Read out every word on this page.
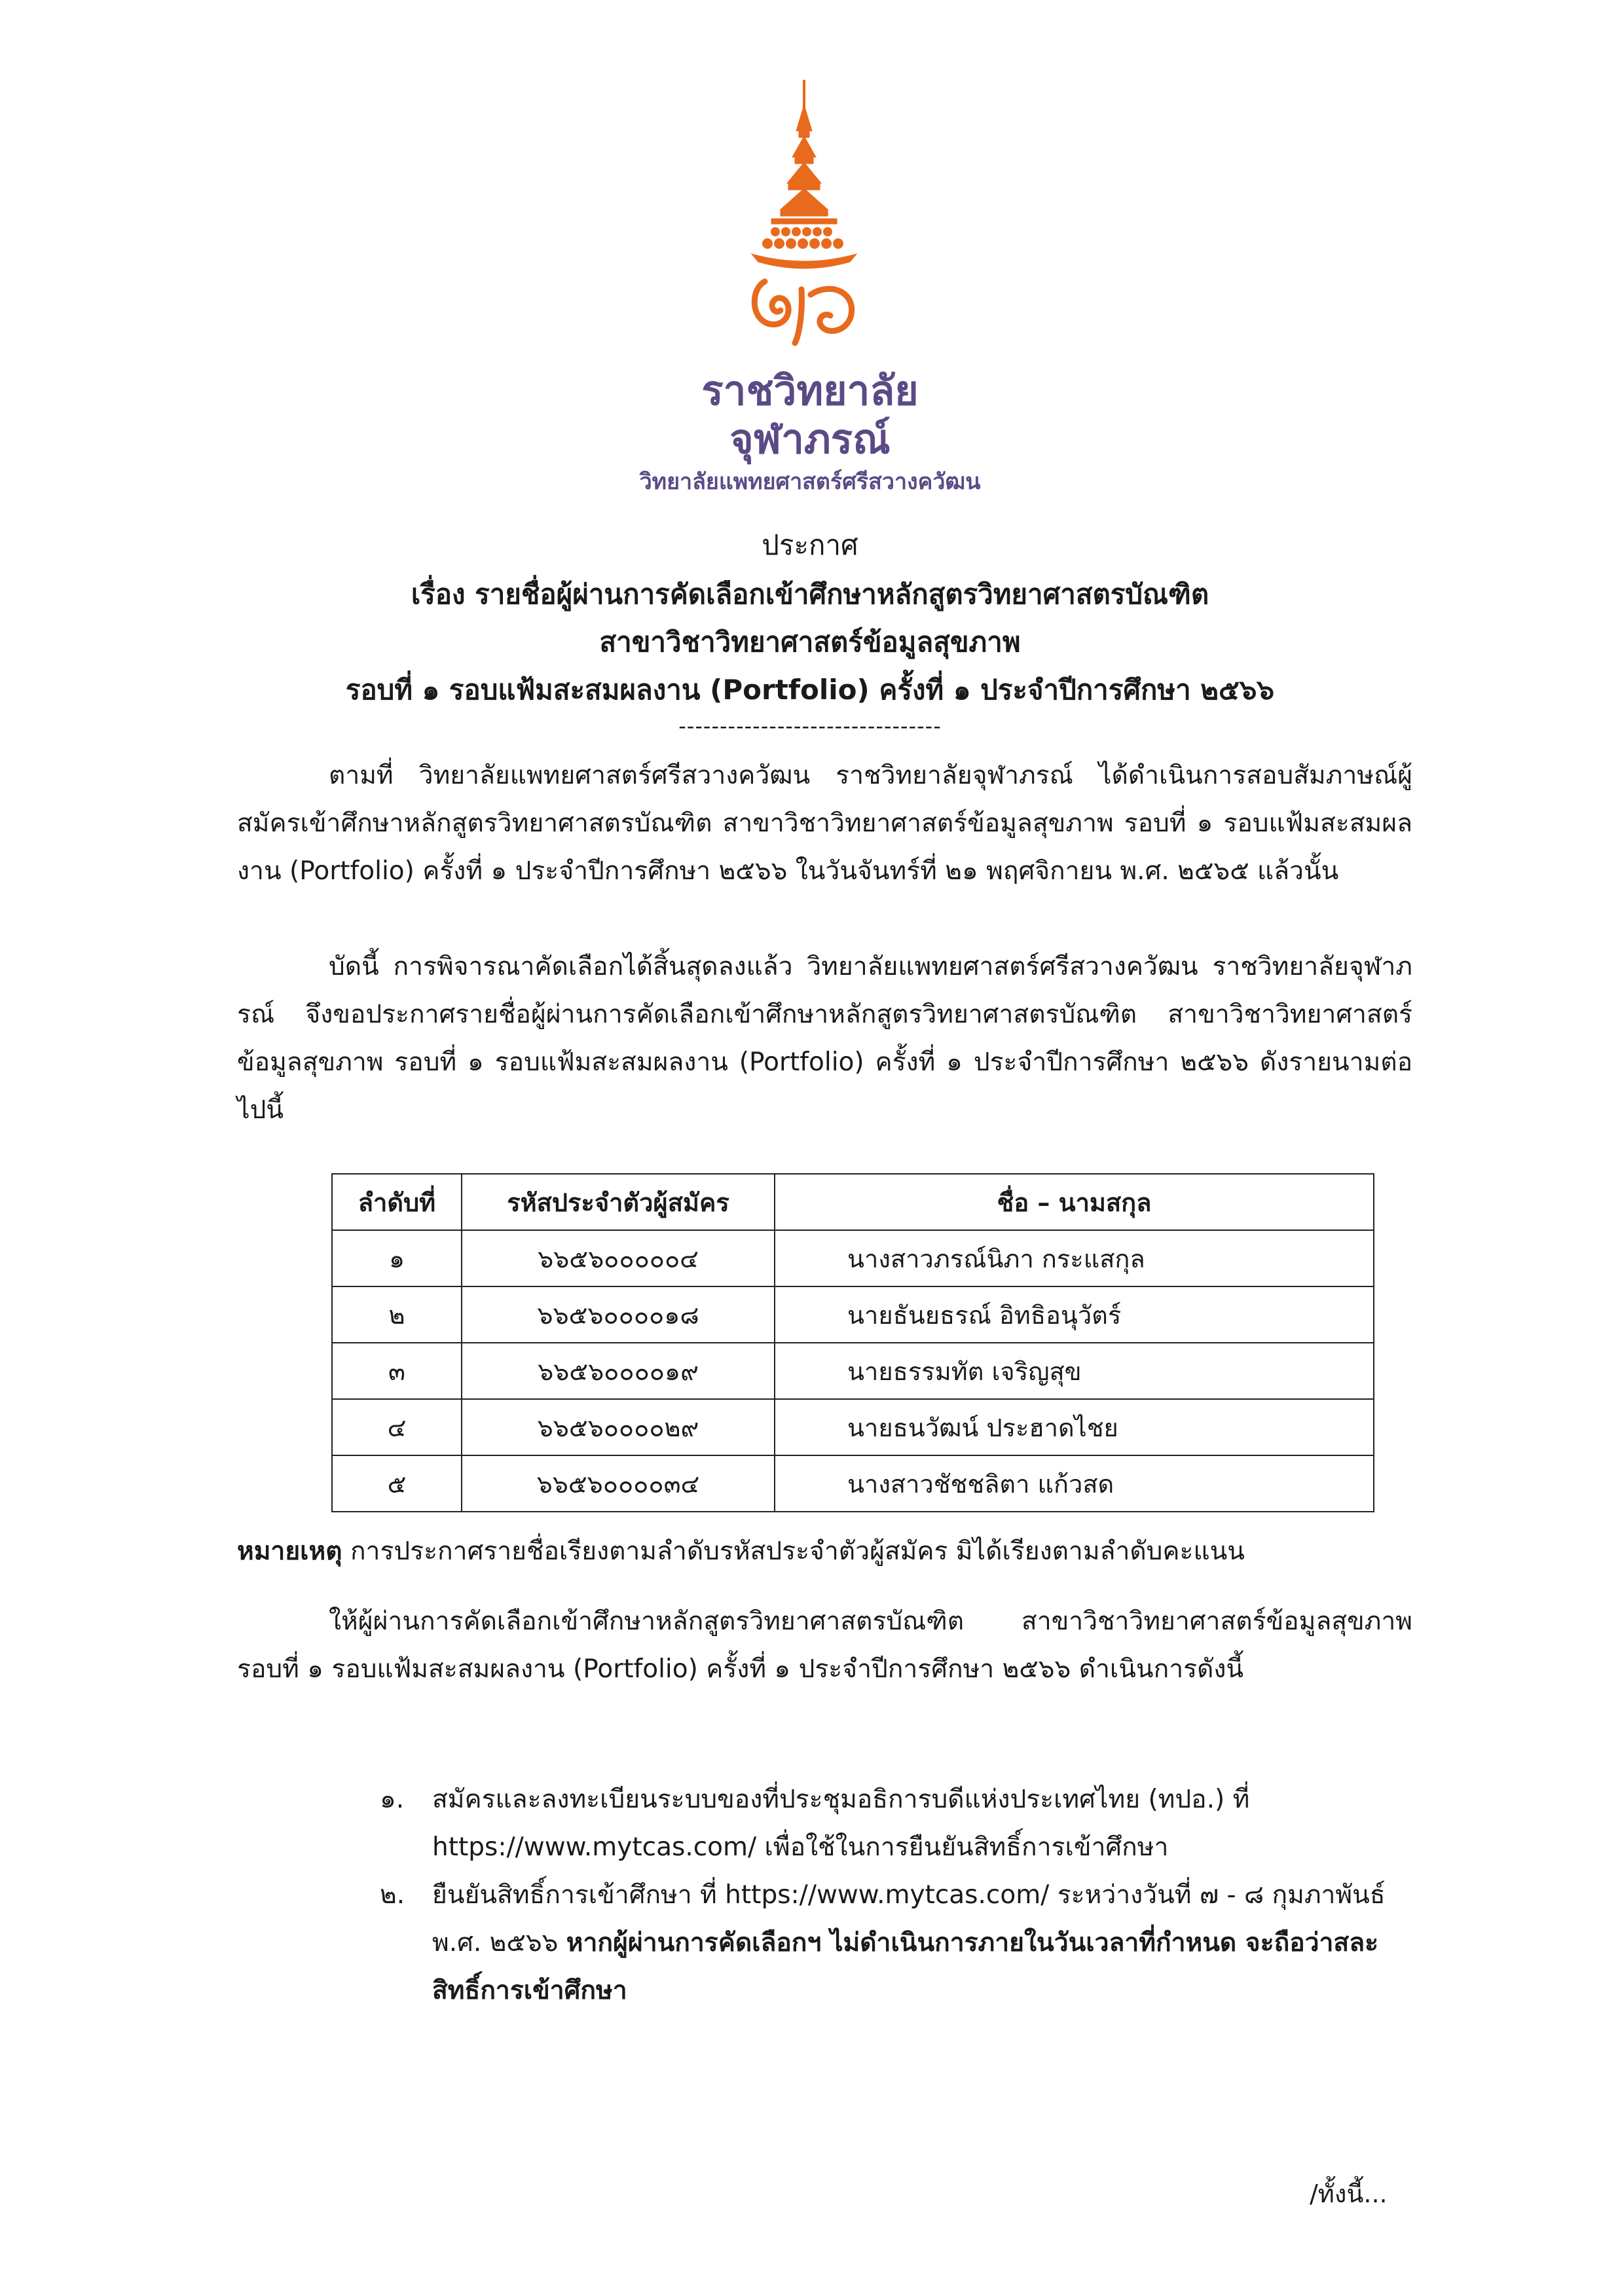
ราชวิทยาลัย
จุฬาภรณ์
วิทยาลัยแพทยศาสตร์ศรีสวางควัฒน
ประกาศ
เรื่อง รายชื่อผู้ผ่านการคัดเลือกเข้าศึกษาหลักสูตรวิทยาศาสตรบัณฑิต
สาขาวิชาวิทยาศาสตร์ข้อมูลสุขภาพ
รอบที่ ๑ รอบแฟ้มสะสมผลงาน (Portfolio) ครั้งที่ ๑ ประจำปีการศึกษา ๒๕๖๖
--------------------------------

ตามที่ วิทยาลัยแพทยศาสตร์ศรีสวางควัฒน ราชวิทยาลัยจุฬาภรณ์ ได้ดำเนินการสอบสัมภาษณ์ผู้สมัครเข้าศึกษาหลักสูตรวิทยาศาสตรบัณฑิต สาขาวิชาวิทยาศาสตร์ข้อมูลสุขภาพ รอบที่ ๑ รอบแฟ้มสะสมผลงาน (Portfolio) ครั้งที่ ๑ ประจำปีการศึกษา ๒๕๖๖ ในวันจันทร์ที่ ๒๑ พฤศจิกายน พ.ศ. ๒๕๖๕ แล้วนั้น

บัดนี้ การพิจารณาคัดเลือกได้สิ้นสุดลงแล้ว วิทยาลัยแพทยศาสตร์ศรีสวางควัฒน ราชวิทยาลัยจุฬาภรณ์ จึงขอประกาศรายชื่อผู้ผ่านการคัดเลือกเข้าศึกษาหลักสูตรวิทยาศาสตรบัณฑิต สาขาวิชาวิทยาศาสตร์ข้อมูลสุขภาพ รอบที่ ๑ รอบแฟ้มสะสมผลงาน (Portfolio) ครั้งที่ ๑ ประจำปีการศึกษา ๒๕๖๖ ดังรายนามต่อไปนี้

ลำดับที่	รหัสประจำตัวผู้สมัคร	ชื่อ – นามสกุล
๑	๖๖๕๖๐๐๐๐๐๔	นางสาวภรณ์นิภา กระแสกุล
๒	๖๖๕๖๐๐๐๐๑๘	นายธันยธรณ์ อิทธิอนุวัตร์
๓	๖๖๕๖๐๐๐๐๑๙	นายธรรมทัต เจริญสุข
๔	๖๖๕๖๐๐๐๐๒๙	นายธนวัฒน์ ประฮาดไชย
๕	๖๖๕๖๐๐๐๐๓๔	นางสาวชัชชลิตา แก้วสด
หมายเหตุ การประกาศรายชื่อเรียงตามลำดับรหัสประจำตัวผู้สมัคร มิได้เรียงตามลำดับคะแนน

ให้ผู้ผ่านการคัดเลือกเข้าศึกษาหลักสูตรวิทยาศาสตรบัณฑิต สาขาวิชาวิทยาศาสตร์ข้อมูลสุขภาพ รอบที่ ๑ รอบแฟ้มสะสมผลงาน (Portfolio) ครั้งที่ ๑ ประจำปีการศึกษา ๒๕๖๖ ดำเนินการดังนี้

๑.	สมัครและลงทะเบียนระบบของที่ประชุมอธิการบดีแห่งประเทศไทย (ทปอ.) ที่ https://www.mytcas.com/ เพื่อใช้ในการยืนยันสิทธิ์การเข้าศึกษา
๒.	ยืนยันสิทธิ์การเข้าศึกษา ที่ https://www.mytcas.com/ ระหว่างวันที่ ๗ - ๘ กุมภาพันธ์ พ.ศ. ๒๕๖๖ หากผู้ผ่านการคัดเลือกฯ ไม่ดำเนินการภายในวันเวลาที่กำหนด จะถือว่าสละสิทธิ์การเข้าศึกษา
/ทั้งนี้...
